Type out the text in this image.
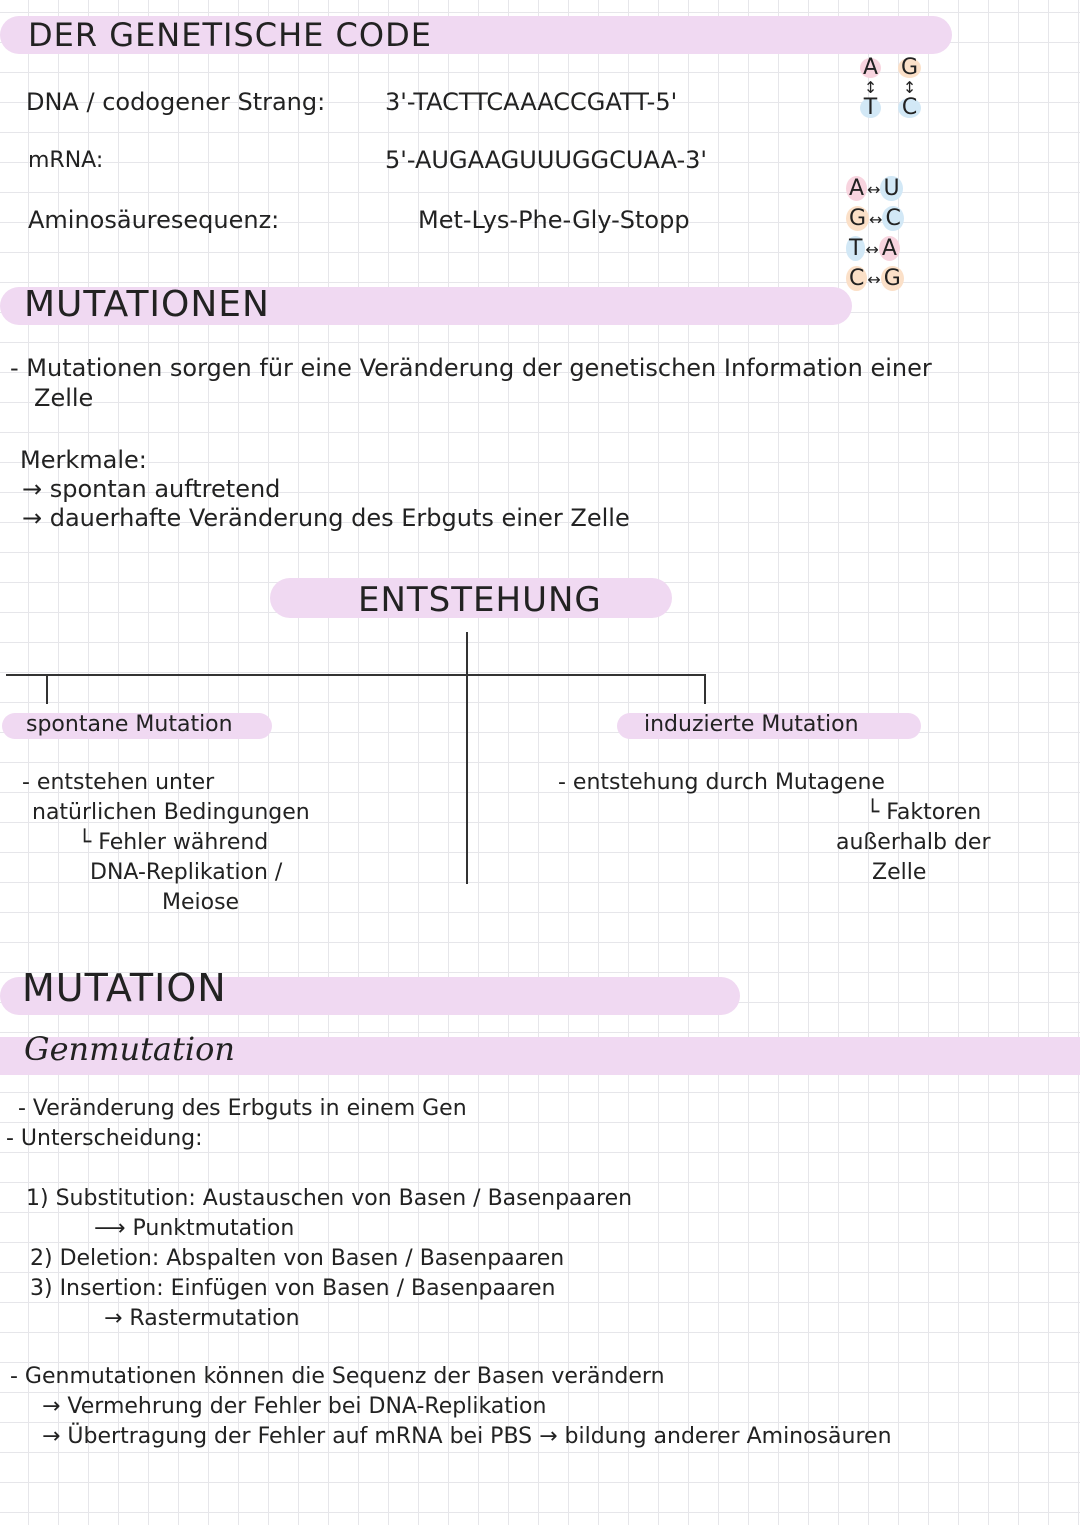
DER GENETISCHE CODE
DNA / codogener Strang: 3'-TACTTCAAACCGATT-5'
mRNA:	5'-AUGAAGUUUGGCUAA-3'
Aminosäuresequenz:	Met-Lys-Phe-Gly-Stopp
A
↕
T
G
↕
C
A ↔ U
G ↔ C
T ↔ A
C ↔ G
MUTATIONEN
- Mutationen sorgen für eine Veränderung der genetischen Information einer
Zelle
Merkmale:
→ spontan auftretend
→ dauerhafte Veränderung des Erbguts einer Zelle
ENTSTEHUNG
spontane Mutation
- entstehen unter
natürlichen Bedingungen
└ Fehler während
DNA-Replikation /
Meiose
induzierte Mutation
- entstehung durch Mutagene
└ Faktoren
außerhalb der
Zelle
MUTATION
Genmutation
- Veränderung des Erbguts in einem Gen
- Unterscheidung:
1) Substitution: Austauschen von Basen / Basenpaaren
⟶ Punktmutation
2) Deletion: Abspalten von Basen / Basenpaaren
3) Insertion: Einfügen von Basen / Basenpaaren
→ Rastermutation
- Genmutationen können die Sequenz der Basen verändern
→ Vermehrung der Fehler bei DNA-Replikation
→ Übertragung der Fehler auf mRNA bei PBS → bildung anderer Aminosäuren
